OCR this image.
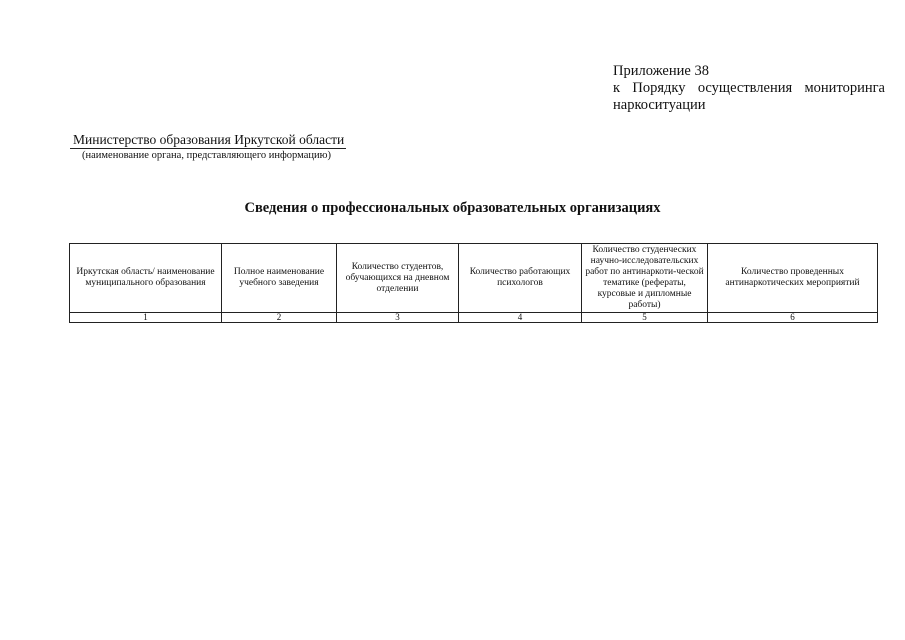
Приложение 38
к Порядку осуществления мониторинга
наркоситуации
Министерство образования Иркутской области
(наименование органа, представляющего информацию)
Сведения о профессиональных образовательных организациях
Иркутская область/ наименование муниципального образования	Полное наименование учебного заведения	Количество студентов, обучающихся на дневном отделении	Количество работающих психологов	Количество студенческих научно-исследовательских работ по антинаркоти-ческой тематике (рефераты, курсовые и дипломные работы)	Количество проведенных антинаркотических мероприятий
1	2	3	4	5	6
